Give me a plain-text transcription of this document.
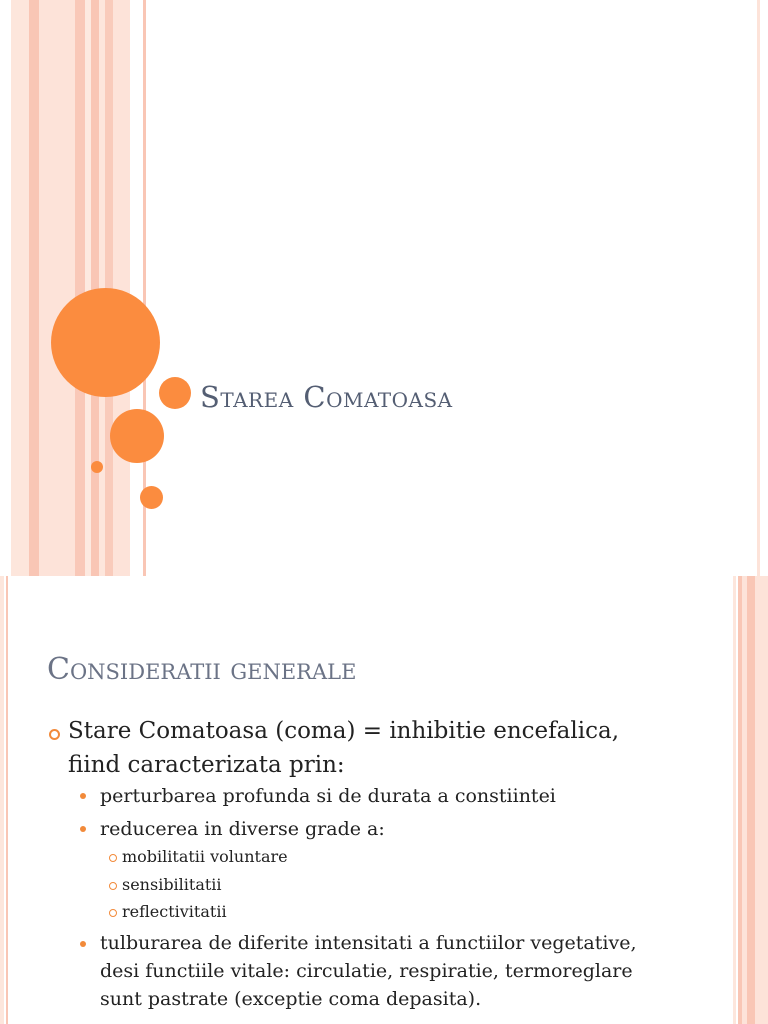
Starea Comatoasa
Consideratii generale
Stare Comatoasa (coma) = inhibitie encefalica, fiind caracterizata prin:
perturbarea profunda si de durata a constiintei
reducerea in diverse grade a:
mobilitatii voluntare
sensibilitatii
reflectivitatii
tulburarea de diferite intensitati a functiilor vegetative, desi functiile vitale: circulatie, respiratie, termoreglare sunt pastrate (exceptie coma depasita).
